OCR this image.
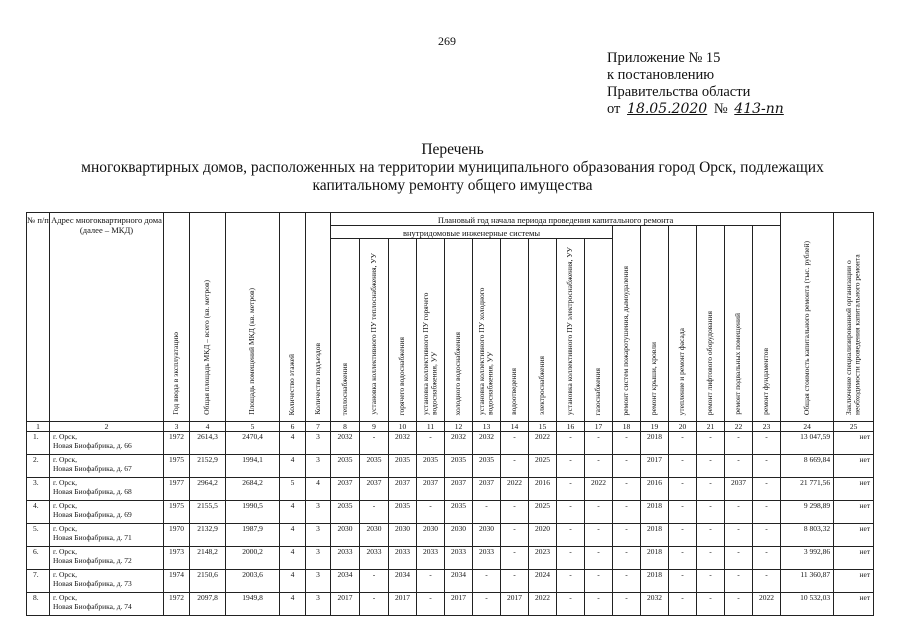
269
Приложение № 15
к постановлению
Правительства области
от 18.05.2020 № 413-пп
Перечень
многоквартирных домов, расположенных на территории муниципального образования город Орск, подлежащих капитальному ремонту общего имущества
№ п/п	Адрес многоквартирного дома (далее – МКД)	Год ввода в эксплуатацию	Общая площадь МКД – всего (кв. метров)	Площадь помещений МКД (кв. метров)	Количество этажей	Количество подъездов	Плановый год начала периода проведения капитального ремонта																Общая стоимость капитального ремонта (тыс. рублей)	Заключение специализированной организации о необходимости проведения капитального ремонта
							внутридомовые инженерные системы										ремонт систем пожаротушения, дымоудаления	ремонт крыши, кровли	утепление и ремонт фасада	ремонт лифтового оборудования	ремонт подвальных помещений	ремонт фундаментов		
							теплоснабжения	установка коллективного ПУ теплоснабжения, УУ	горячего водоснабжения	установка коллективного ПУ горячего водоснабжения, УУ	холодного водоснабжения	установка коллективного ПУ холодного водоснабжения, УУ	водоотведения	электроснабжения	установка коллективного ПУ электроснабжения, УУ	газоснабжения								
1	2	3	4	5	6	7	8	9	10	11	12	13	14	15	16	17	18	19	20	21	22	23	24	25
1.	г. Орск,
Новая Биофабрика, д. 66	1972	2614,3	2470,4	4	3	2032	-	2032	-	2032	2032	-	2022	-	-	-	2018	-	-	-	-	13 047,59	нет
2.	г. Орск,
Новая Биофабрика, д. 67	1975	2152,9	1994,1	4	3	2035	2035	2035	2035	2035	2035	-	2025	-	-	-	2017	-	-	-	-	8 669,84	нет
3.	г. Орск,
Новая Биофабрика, д. 68	1977	2964,2	2684,2	5	4	2037	2037	2037	2037	2037	2037	2022	2016	-	2022	-	2016	-	-	2037	-	21 771,56	нет
4.	г. Орск,
Новая Биофабрика, д. 69	1975	2155,5	1990,5	4	3	2035	-	2035	-	2035	-	-	2025	-	-	-	2018	-	-	-	-	9 298,89	нет
5.	г. Орск,
Новая Биофабрика, д. 71	1970	2132,9	1987,9	4	3	2030	2030	2030	2030	2030	2030	-	2020	-	-	-	2018	-	-	-	-	8 803,32	нет
6.	г. Орск,
Новая Биофабрика, д. 72	1973	2148,2	2000,2	4	3	2033	2033	2033	2033	2033	2033	-	2023	-	-	-	2018	-	-	-	-	3 992,86	нет
7.	г. Орск,
Новая Биофабрика, д. 73	1974	2150,6	2003,6	4	3	2034	-	2034	-	2034	-	-	2024	-	-	-	2018	-	-	-	-	11 360,87	нет
8.	г. Орск,
Новая Биофабрика, д. 74	1972	2097,8	1949,8	4	3	2017	-	2017	-	2017	-	2017	2022	-	-	-	2032	-	-	-	2022	10 532,03	нет
